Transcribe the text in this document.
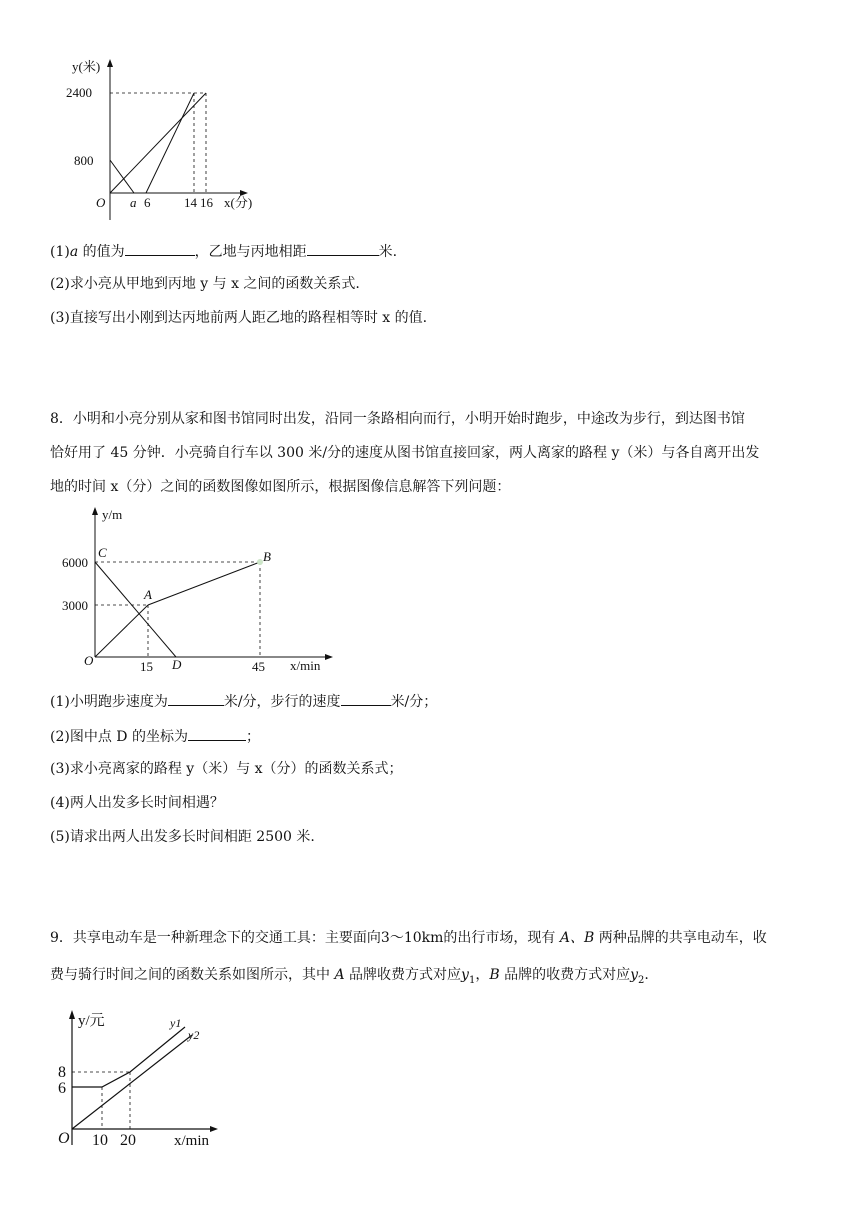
y(米)
2400
800
O a 6	14 16 x(分)
(1)a 的值为	，乙地与丙地相距	米.
(2)求小亮从甲地到丙地 y 与 x 之间的函数关系式.
(3)直接写出小刚到达丙地前两人距乙地的路程相等时 x 的值.
8．小明和小亮分别从家和图书馆同时出发，沿同一条路相向而行，小明开始时跑步，中途改为步行，到达图书馆
恰好用了 45 分钟．小亮骑自行车以 300 米/分的速度从图书馆直接回家，两人离家的路程 y（米）与各自离开出发
地的时间 x（分）之间的函数图像如图所示，根据图像信息解答下列问题：
y/m
C
6000	B
A
3000
O	15 D	45 x/min
(1)小明跑步速度为	米/分，步行的速度	米/分；
(2)图中点 D 的坐标为	；
(3)求小亮离家的路程 y（米）与 x（分）的函数关系式；
(4)两人出发多长时间相遇？
(5)请求出两人出发多长时间相距 2500 米.
9．共享电动车是一种新理念下的交通工具：主要面向3～10km的出行市场，现有 A、B 两种品牌的共享电动车，收
费与骑行时间之间的函数关系如图所示，其中 A 品牌收费方式对应$y_1$，B 品牌的收费方式对应$y_2$.
y/元	y1
y2
8
6
O 10 20	x/min
